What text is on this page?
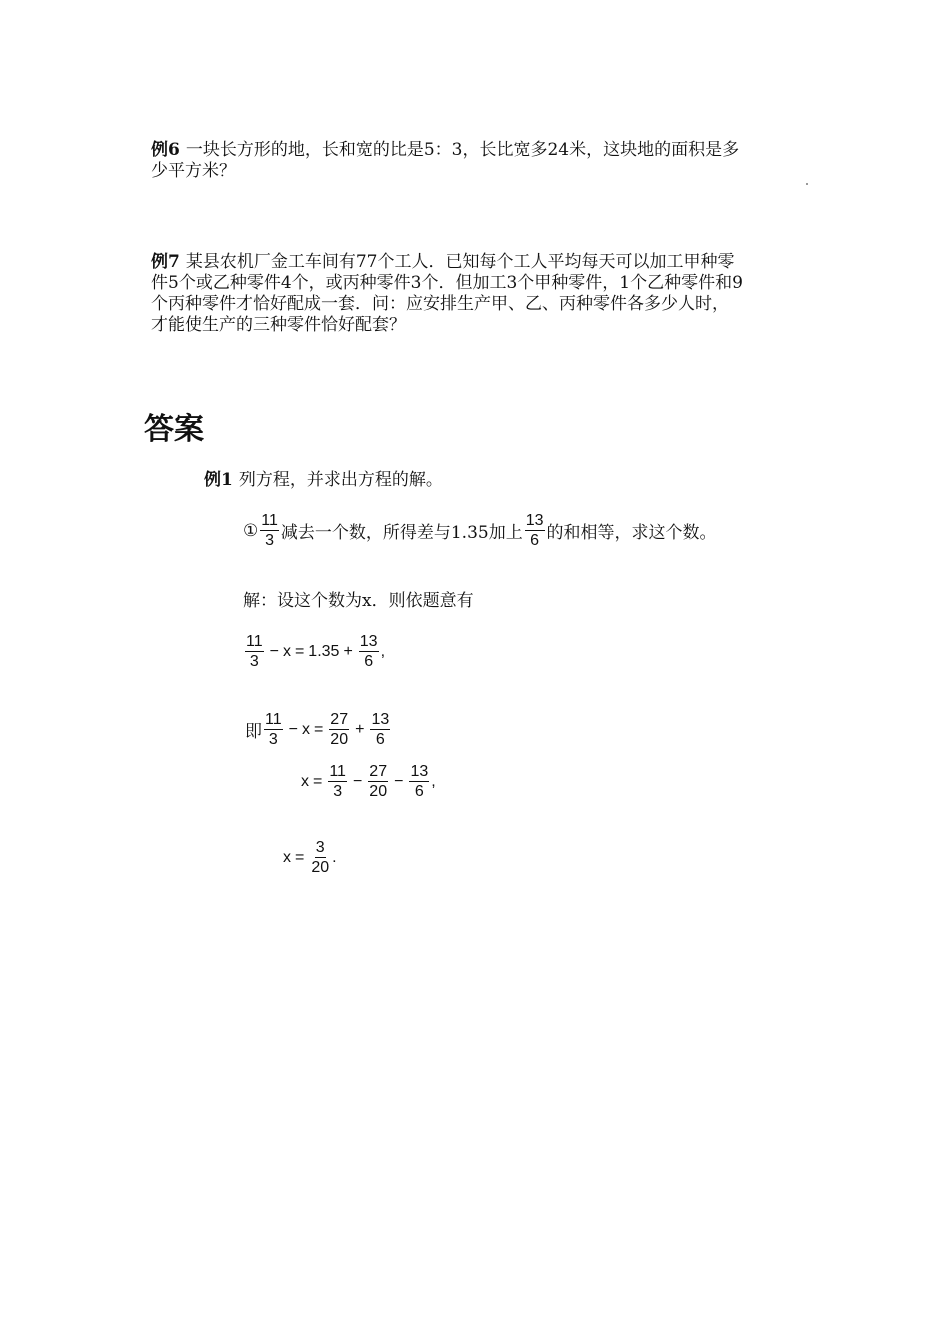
例6 一块长方形的地，长和宽的比是5：3，长比宽多24米，这块地的面积是多
少平方米？
例7 某县农机厂金工车间有77个工人．已知每个工人平均每天可以加工甲种零
件5个或乙种零件4个，或丙种零件3个．但加工3个甲种零件，1个乙种零件和9
个丙种零件才恰好配成一套．问：应安排生产甲、乙、丙种零件各多少人时，
才能使生产的三种零件恰好配套？
答案
例1 列方程，并求出方程的解。
① $\frac{11}{3}$ 减去一个数，所得差与1.35加上 $\frac{13}{6}$ 的和相等，求这个数。
解：设这个数为x．则依题意有
$\frac{11}{3} - x = 1.35 + \frac{13}{6}$ ,
即 $\frac{11}{3} - x = \frac{27}{20} + \frac{13}{6}$
$x = \frac{11}{3} - \frac{27}{20} - \frac{13}{6}$ ,
$x = \frac{3}{20}$ .
